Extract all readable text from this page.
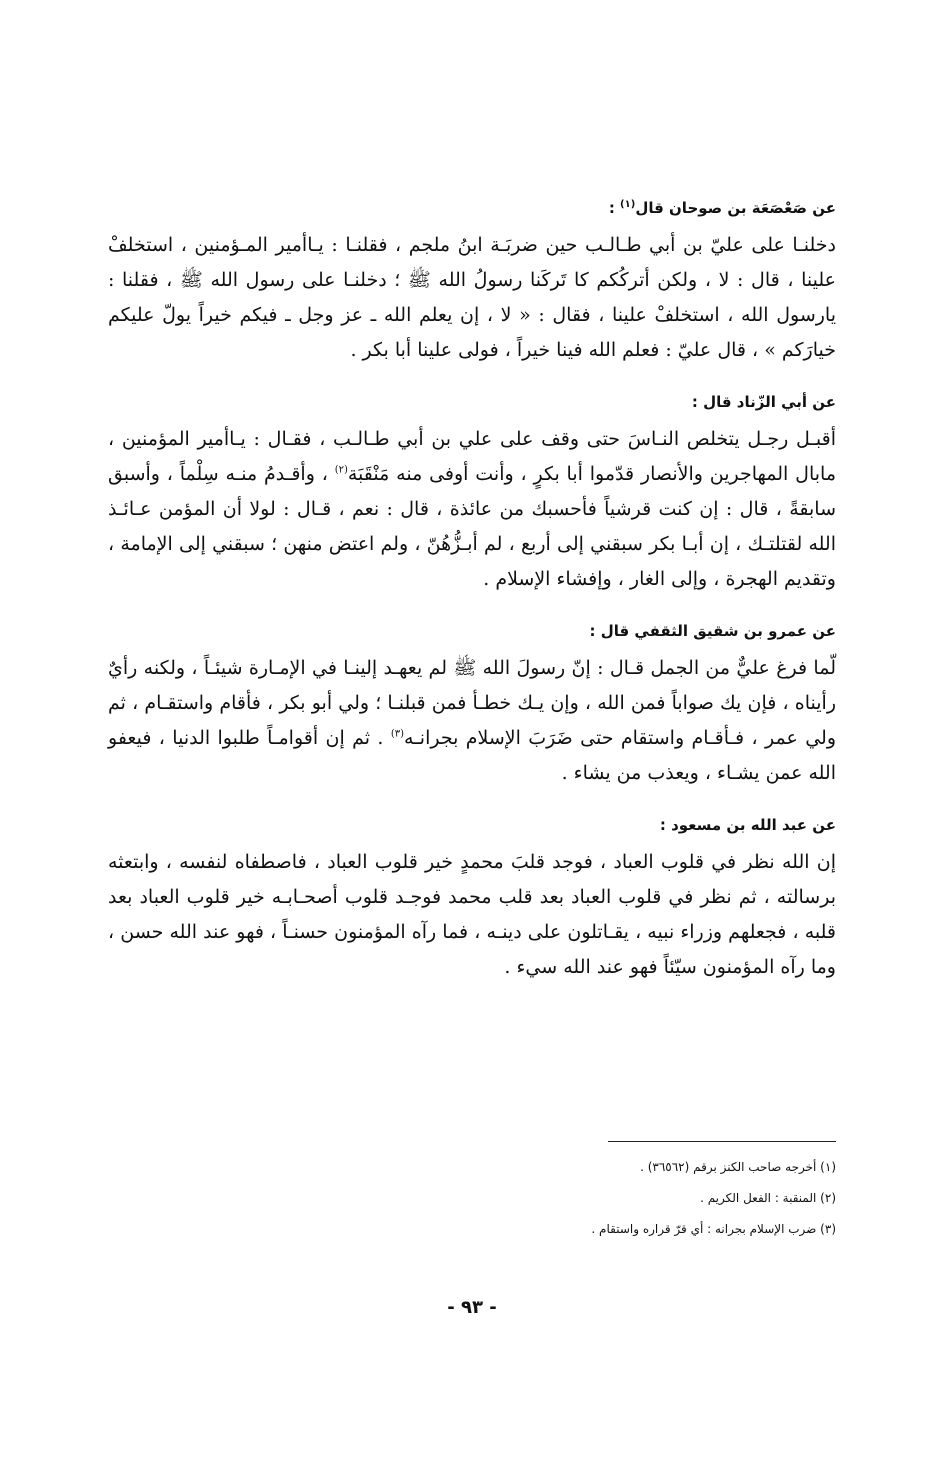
عن صَعْصَعَة بن صوحان قال$^{(١)}$ :

دخلنـا على عليّ بن أبي طـالـب حين ضربَـة ابنُ ملجم ، فقلنـا : يـاأمير المـؤمنين ، استخلفْ علينا ، قال : لا ، ولكن أتركُكم كا تَركَنا رسولُ الله ﷺ ؛ دخلنـا على رسول الله ﷺ ، فقلنا : يارسول الله ، استخلفْ علينا ، فقال : « لا ، إن يعلم الله ـ عز وجل ـ فيكم خيراً يولّ عليكم خيارَكم » ، قال عليّ : فعلم الله فينا خيراً ، فولى علينا أبا بكر .

عن أبي الزّناد قال :

أقبـل رجـل يتخلص النـاسَ حتى وقف على علي بن أبي طـالـب ، فقـال : يـاأمير المؤمنين ، مابال المهاجرين والأنصار قدّموا أبا بكرٍ ، وأنت أوفى منه مَنْقَبَة$^{(٢)}$ ، وأقـدمُ منـه سِلْماً ، وأسبق سابقةً ، قال : إن كنت قرشياً فأحسبك من عائذة ، قال : نعم ، قـال : لولا أن المؤمن عـائـذ الله لقتلتـك ، إن أبـا بكر سبقني إلى أربع ، لم أبـزُّهُنّ ، ولم اعتض منهن ؛ سبقني إلى الإمامة ، وتقديم الهجرة ، وإلى الغار ، وإفشاء الإسلام .

عن عمرو بن شقيق الثقفي قال :

لّما فرغ عليٌّ من الجمل قـال : إنّ رسولَ الله ﷺ لم يعهـد إلينـا في الإمـارة شيئـاً ، ولكنه رأيٌ رأيناه ، فإن يك صواباً فمن الله ، وإن يـك خطـأ فمن قبلنـا ؛ ولي أبو بكر ، فأقام واستقـام ، ثم ولي عمر ، فـأقـام واستقام حتى ضَرَبَ الإسلام بجرانـه$^{(٣)}$ . ثم إن أقوامـاً طلبوا الدنيا ، فيعفو الله عمن يشـاء ، ويعذب من يشاء .

عن عبد الله بن مسعود :

إن الله نظر في قلوب العباد ، فوجد قلبَ محمدٍ خير قلوب العباد ، فاصطفاه لنفسه ، وابتعثه برسالته ، ثم نظر في قلوب العباد بعد قلب محمد فوجـد قلوب أصحـابـه خير قلوب العباد بعد قلبه ، فجعلهم وزراء نبيه ، يقـاتلون على دينـه ، فما رآه المؤمنون حسنـاً ، فهو عند الله حسن ، وما رآه المؤمنون سيّئاً فهو عند الله سيء .

(١) أخرجه صاحب الكنز برقم (٣٦٥٦٢) .

(٢) المنقبة : الفعل الكريم .

(٣) ضرب الإسلام بجرانه : أي قرّ قراره واستقام .

- ٩٣ -
